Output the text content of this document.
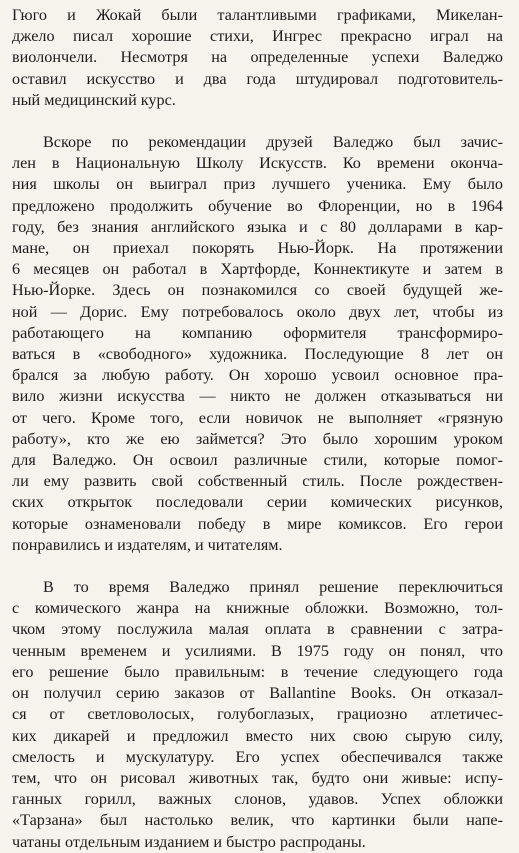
Гюго и Жокай были талантливыми графиками, Микелан-
джело писал хорошие стихи, Ингрес прекрасно играл на
виолончели. Несмотря на определенные успехи Валеджо
оставил искусство и два года штудировал подготовитель-
ный медицинский курс.

Вскоре по рекомендации друзей Валеджо был зачис-
лен в Национальную Школу Искусств. Ко времени оконча-
ния школы он выиграл приз лучшего ученика. Ему было
предложено продолжить обучение во Флоренции, но в 1964
году, без знания английского языка и с 80 долларами в кар-
мане, он приехал покорять Нью-Йорк. На протяжении
6 месяцев он работал в Хартфорде, Коннектикуте и затем в
Нью-Йорке. Здесь он познакомился со своей будущей же-
ной — Дорис. Ему потребовалось около двух лет, чтобы из
работающего на компанию оформителя трансформиро-
ваться в «свободного» художника. Последующие 8 лет он
брался за любую работу. Он хорошо усвоил основное пра-
вило жизни искусства — никто не должен отказываться ни
от чего. Кроме того, если новичок не выполняет «грязную
работу», кто же ею займется? Это было хорошим уроком
для Валеджо. Он освоил различные стили, которые помог-
ли ему развить свой собственный стиль. После рождествен-
ских открыток последовали серии комических рисунков,
которые ознаменовали победу в мире комиксов. Его герои
понравились и издателям, и читателям.

В то время Валеджо принял решение переключиться
с комического жанра на книжные обложки. Возможно, тол-
чком этому послужила малая оплата в сравнении с затра-
ченным временем и усилиями. В 1975 году он понял, что
его решение было правильным: в течение следующего года
он получил серию заказов от Ballantine Books. Он отказал-
ся от светловолосых, голубоглазых, грациозно атлетичес-
ких дикарей и предложил вместо них свою сырую силу,
смелость и мускулатуру. Его успех обеспечивался также
тем, что он рисовал животных так, будто они живые: испу-
ганных горилл, важных слонов, удавов. Успех обложки
«Тарзана» был настолько велик, что картинки были напе-
чатаны отдельным изданием и быстро распроданы.
